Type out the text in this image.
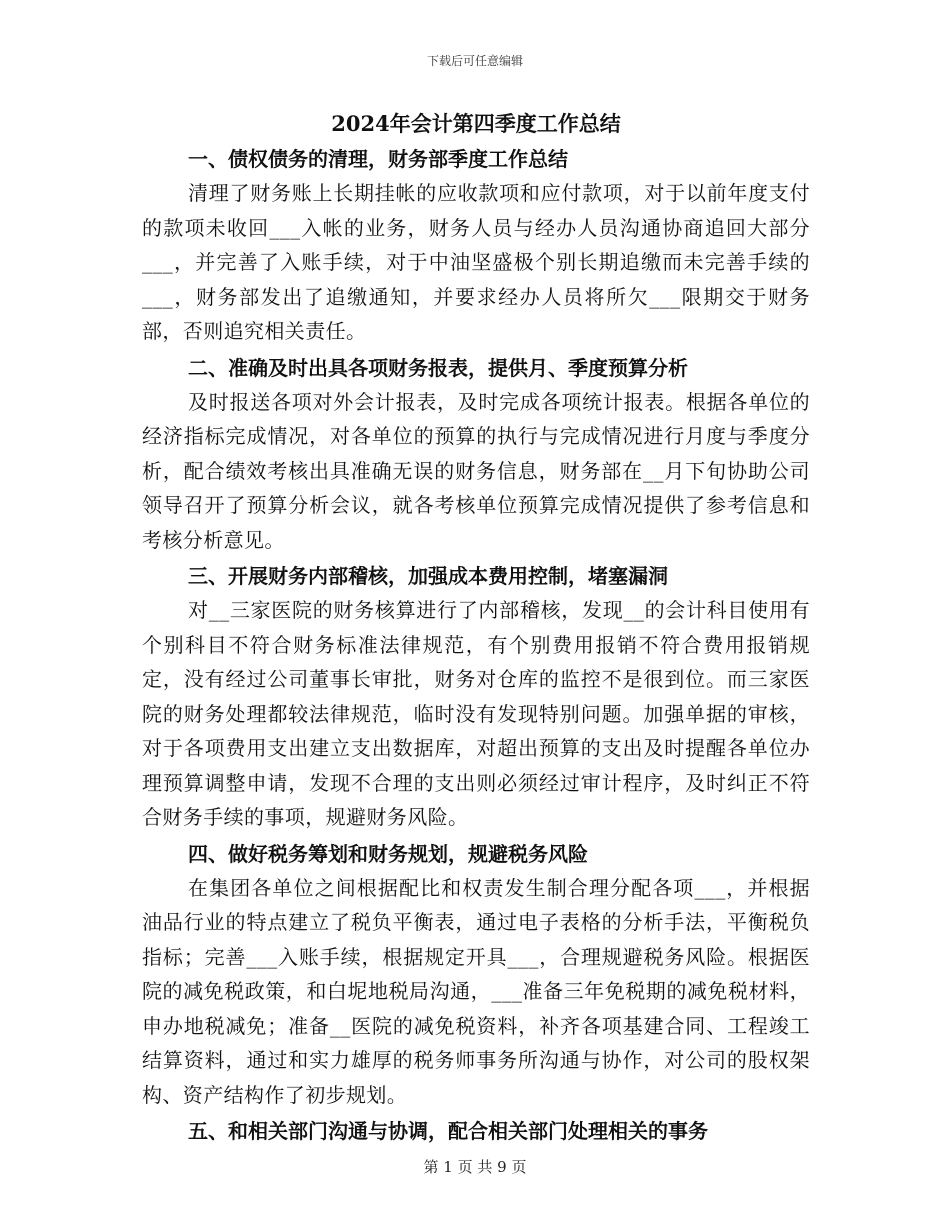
下载后可任意编辑
2024年会计第四季度工作总结
一、债权债务的清理，财务部季度工作总结

清理了财务账上长期挂帐的应收款项和应付款项，对于以前年度支付的款项未收回___入帐的业务，财务人员与经办人员沟通协商追回大部分___，并完善了入账手续，对于中油坚盛极个别长期追缴而未完善手续的___，财务部发出了追缴通知，并要求经办人员将所欠___限期交于财务部，否则追究相关责任。

二、准确及时出具各项财务报表，提供月、季度预算分析

及时报送各项对外会计报表，及时完成各项统计报表。根据各单位的经济指标完成情况，对各单位的预算的执行与完成情况进行月度与季度分析，配合绩效考核出具准确无误的财务信息，财务部在__月下旬协助公司领导召开了预算分析会议，就各考核单位预算完成情况提供了参考信息和考核分析意见。

三、开展财务内部稽核，加强成本费用控制，堵塞漏洞

对__三家医院的财务核算进行了内部稽核，发现__的会计科目使用有个别科目不符合财务标准法律规范，有个别费用报销不符合费用报销规定，没有经过公司董事长审批，财务对仓库的监控不是很到位。而三家医院的财务处理都较法律规范，临时没有发现特别问题。加强单据的审核，对于各项费用支出建立支出数据库，对超出预算的支出及时提醒各单位办理预算调整申请，发现不合理的支出则必须经过审计程序，及时纠正不符合财务手续的事项，规避财务风险。

四、做好税务筹划和财务规划，规避税务风险

在集团各单位之间根据配比和权责发生制合理分配各项___，并根据油品行业的特点建立了税负平衡表，通过电子表格的分析手法，平衡税负指标；完善___入账手续，根据规定开具___，合理规避税务风险。根据医院的减免税政策，和白坭地税局沟通，___准备三年免税期的减免税材料，申办地税减免；准备__医院的减免税资料，补齐各项基建合同、工程竣工结算资料，通过和实力雄厚的税务师事务所沟通与协作，对公司的股权架构、资产结构作了初步规划。

五、和相关部门沟通与协调，配合相关部门处理相关的事务
第 1 页 共 9 页
